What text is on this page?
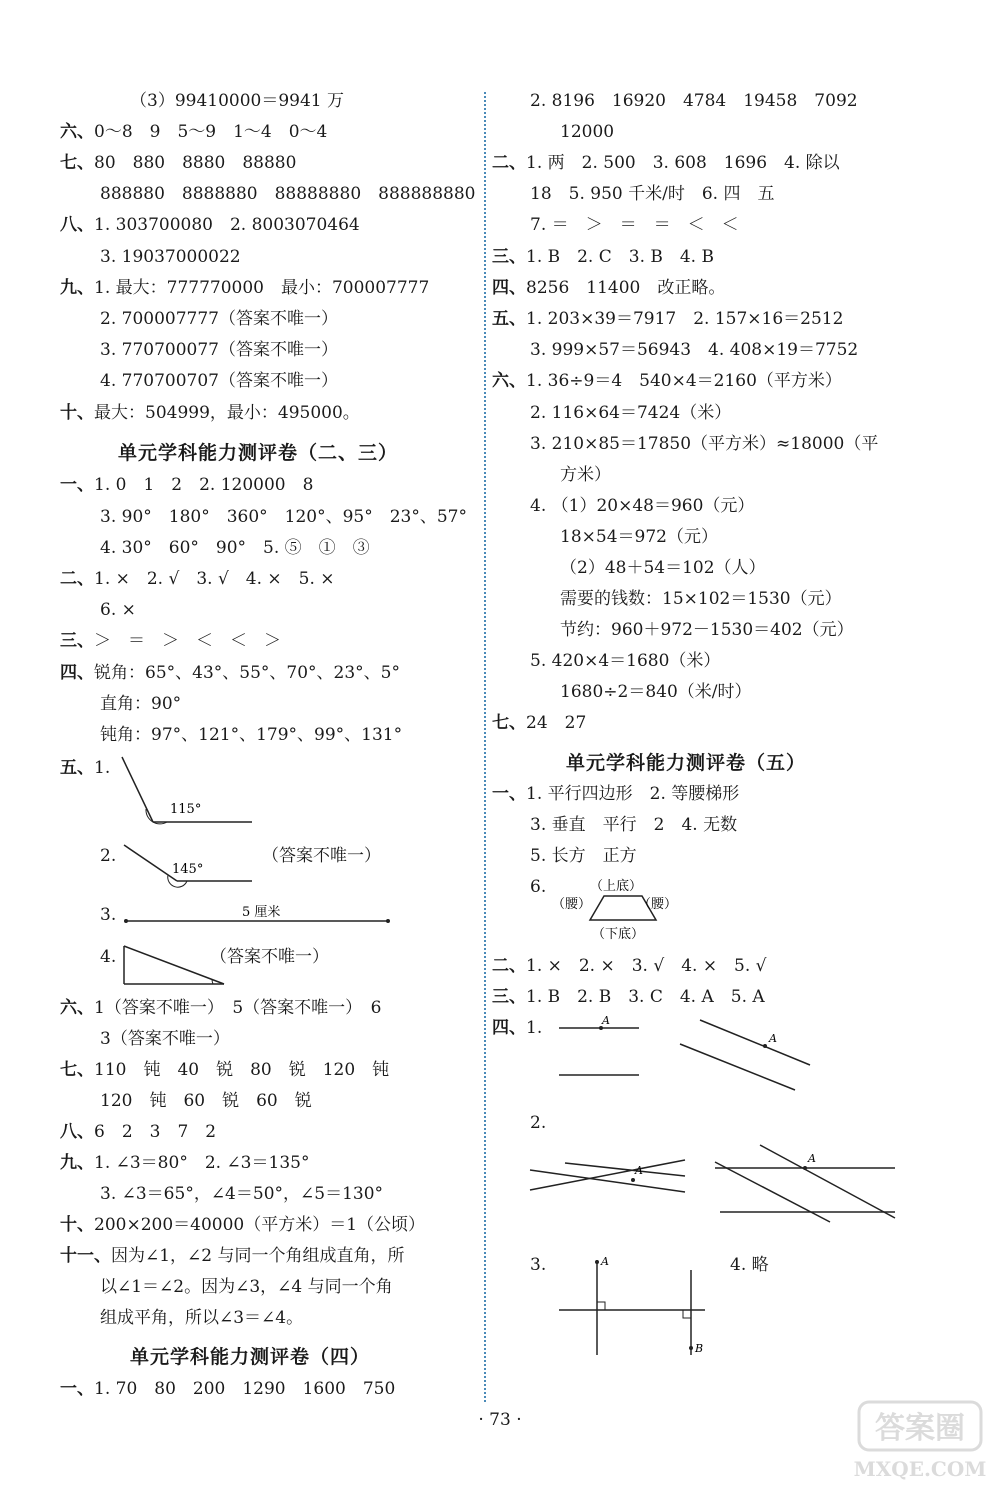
（3）99410000＝9941 万
六、0～8　9　5～9　1～4　0～4
七、80　880　8880　88880
888880　8888880　88888880　888888880
八、1. 303700080　2. 8003070464
3. 19037000022
九、1. 最大：777770000　最小：700007777
2. 700007777（答案不唯一）
3. 770700077（答案不唯一）
4. 770700707（答案不唯一）
十、最大：504999，最小：495000。
一、1. 0　1　2　2. 120000　8
3. 90°　180°　360°　120°、95°　23°、57°
4. 30°　60°　90°　5. ⑤　①　③
二、1. ×　2. √　3. √　4. ×　5. ×
6. ×
三、＞　＝　＞　＜　＜　＞
四、锐角：65°、43°、55°、70°、23°、5°
直角：90°
钝角：97°、121°、179°、99°、131°
五、1.
2.
3.
4.
六、1（答案不唯一）　5（答案不唯一）　6
3（答案不唯一）
七、110　钝　40　锐　80　锐　120　钝
120　钝　60　锐　60　锐
八、6　2　3　7　2
九、1. ∠3＝80°　2. ∠3＝135°
3. ∠3＝65°，∠4＝50°，∠5＝130°
十、200×200＝40000（平方米）＝1（公顷）
十一、因为∠1，∠2 与同一个角组成直角，所
以∠1＝∠2。因为∠3，∠4 与同一个角
组成平角，所以∠3＝∠4。
一、1. 70　80　200　1290　1600　750
单元学科能力测评卷（二、三）
单元学科能力测评卷（四）
2. 8196　16920　4784　19458　7092
12000
二、1. 两　2. 500　3. 608　1696　4. 除以
18　5. 950 千米/时　6. 四　五
7. ＝　＞　＝　＝　＜　＜
三、1. B　2. C　3. B　4. B
四、8256　11400　改正略。
五、1. 203×39＝7917　2. 157×16＝2512
3. 999×57＝56943　4. 408×19＝7752
六、1. 36÷9＝4　540×4＝2160（平方米）
2. 116×64＝7424（米）
3. 210×85＝17850（平方米）≈18000（平
方米）
4. （1）20×48＝960（元）
18×54＝972（元）
（2）48＋54＝102（人）
需要的钱数：15×102＝1530（元）
节约：960＋972－1530＝402（元）
5. 420×4＝1680（米）
1680÷2＝840（米/时）
七、24　27
一、1. 平行四边形　2. 等腰梯形
3. 垂直　平行　2　4. 无数
5. 长方　正方
6.
二、1. ×　2. ×　3. √　4. ×　5. √
三、1. B　2. B　3. C　4. A　5. A
四、1.
2.
3.	4. 略
单元学科能力测评卷（五）
115°
145°
（答案不唯一）
5 厘米
（答案不唯一）
（上底）
（腰）	（腰）
（下底）
A
A
A
A
A
B
· 73 ·	答案圈
MXQE.COM
